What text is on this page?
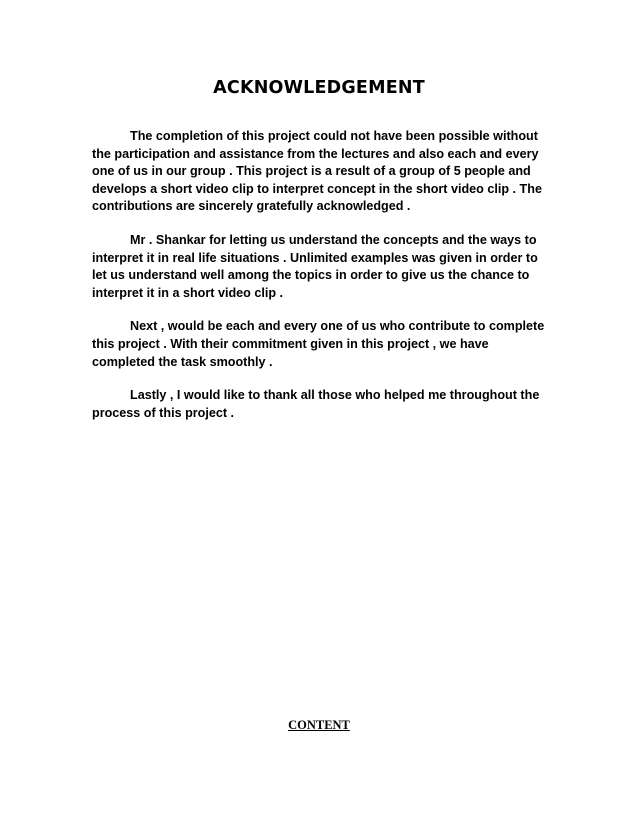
ACKNOWLEDGEMENT

The completion of this project could not have been possible without the participation and assistance from the lectures and also each and every one of us in our group . This project is a result of a group of 5 people and develops a short video clip to interpret concept in the short video clip . The contributions are sincerely gratefully acknowledged .

Mr . Shankar for letting us understand the concepts and the ways to interpret it in real life situations . Unlimited examples was given in order to let us understand well among the topics in order to give us the chance to interpret it in a short video clip .

Next , would be each and every one of us who contribute to complete this project . With their commitment given in this project , we have completed the task smoothly .

Lastly , I would like to thank all those who helped me throughout the process of this project .

CONTENT
